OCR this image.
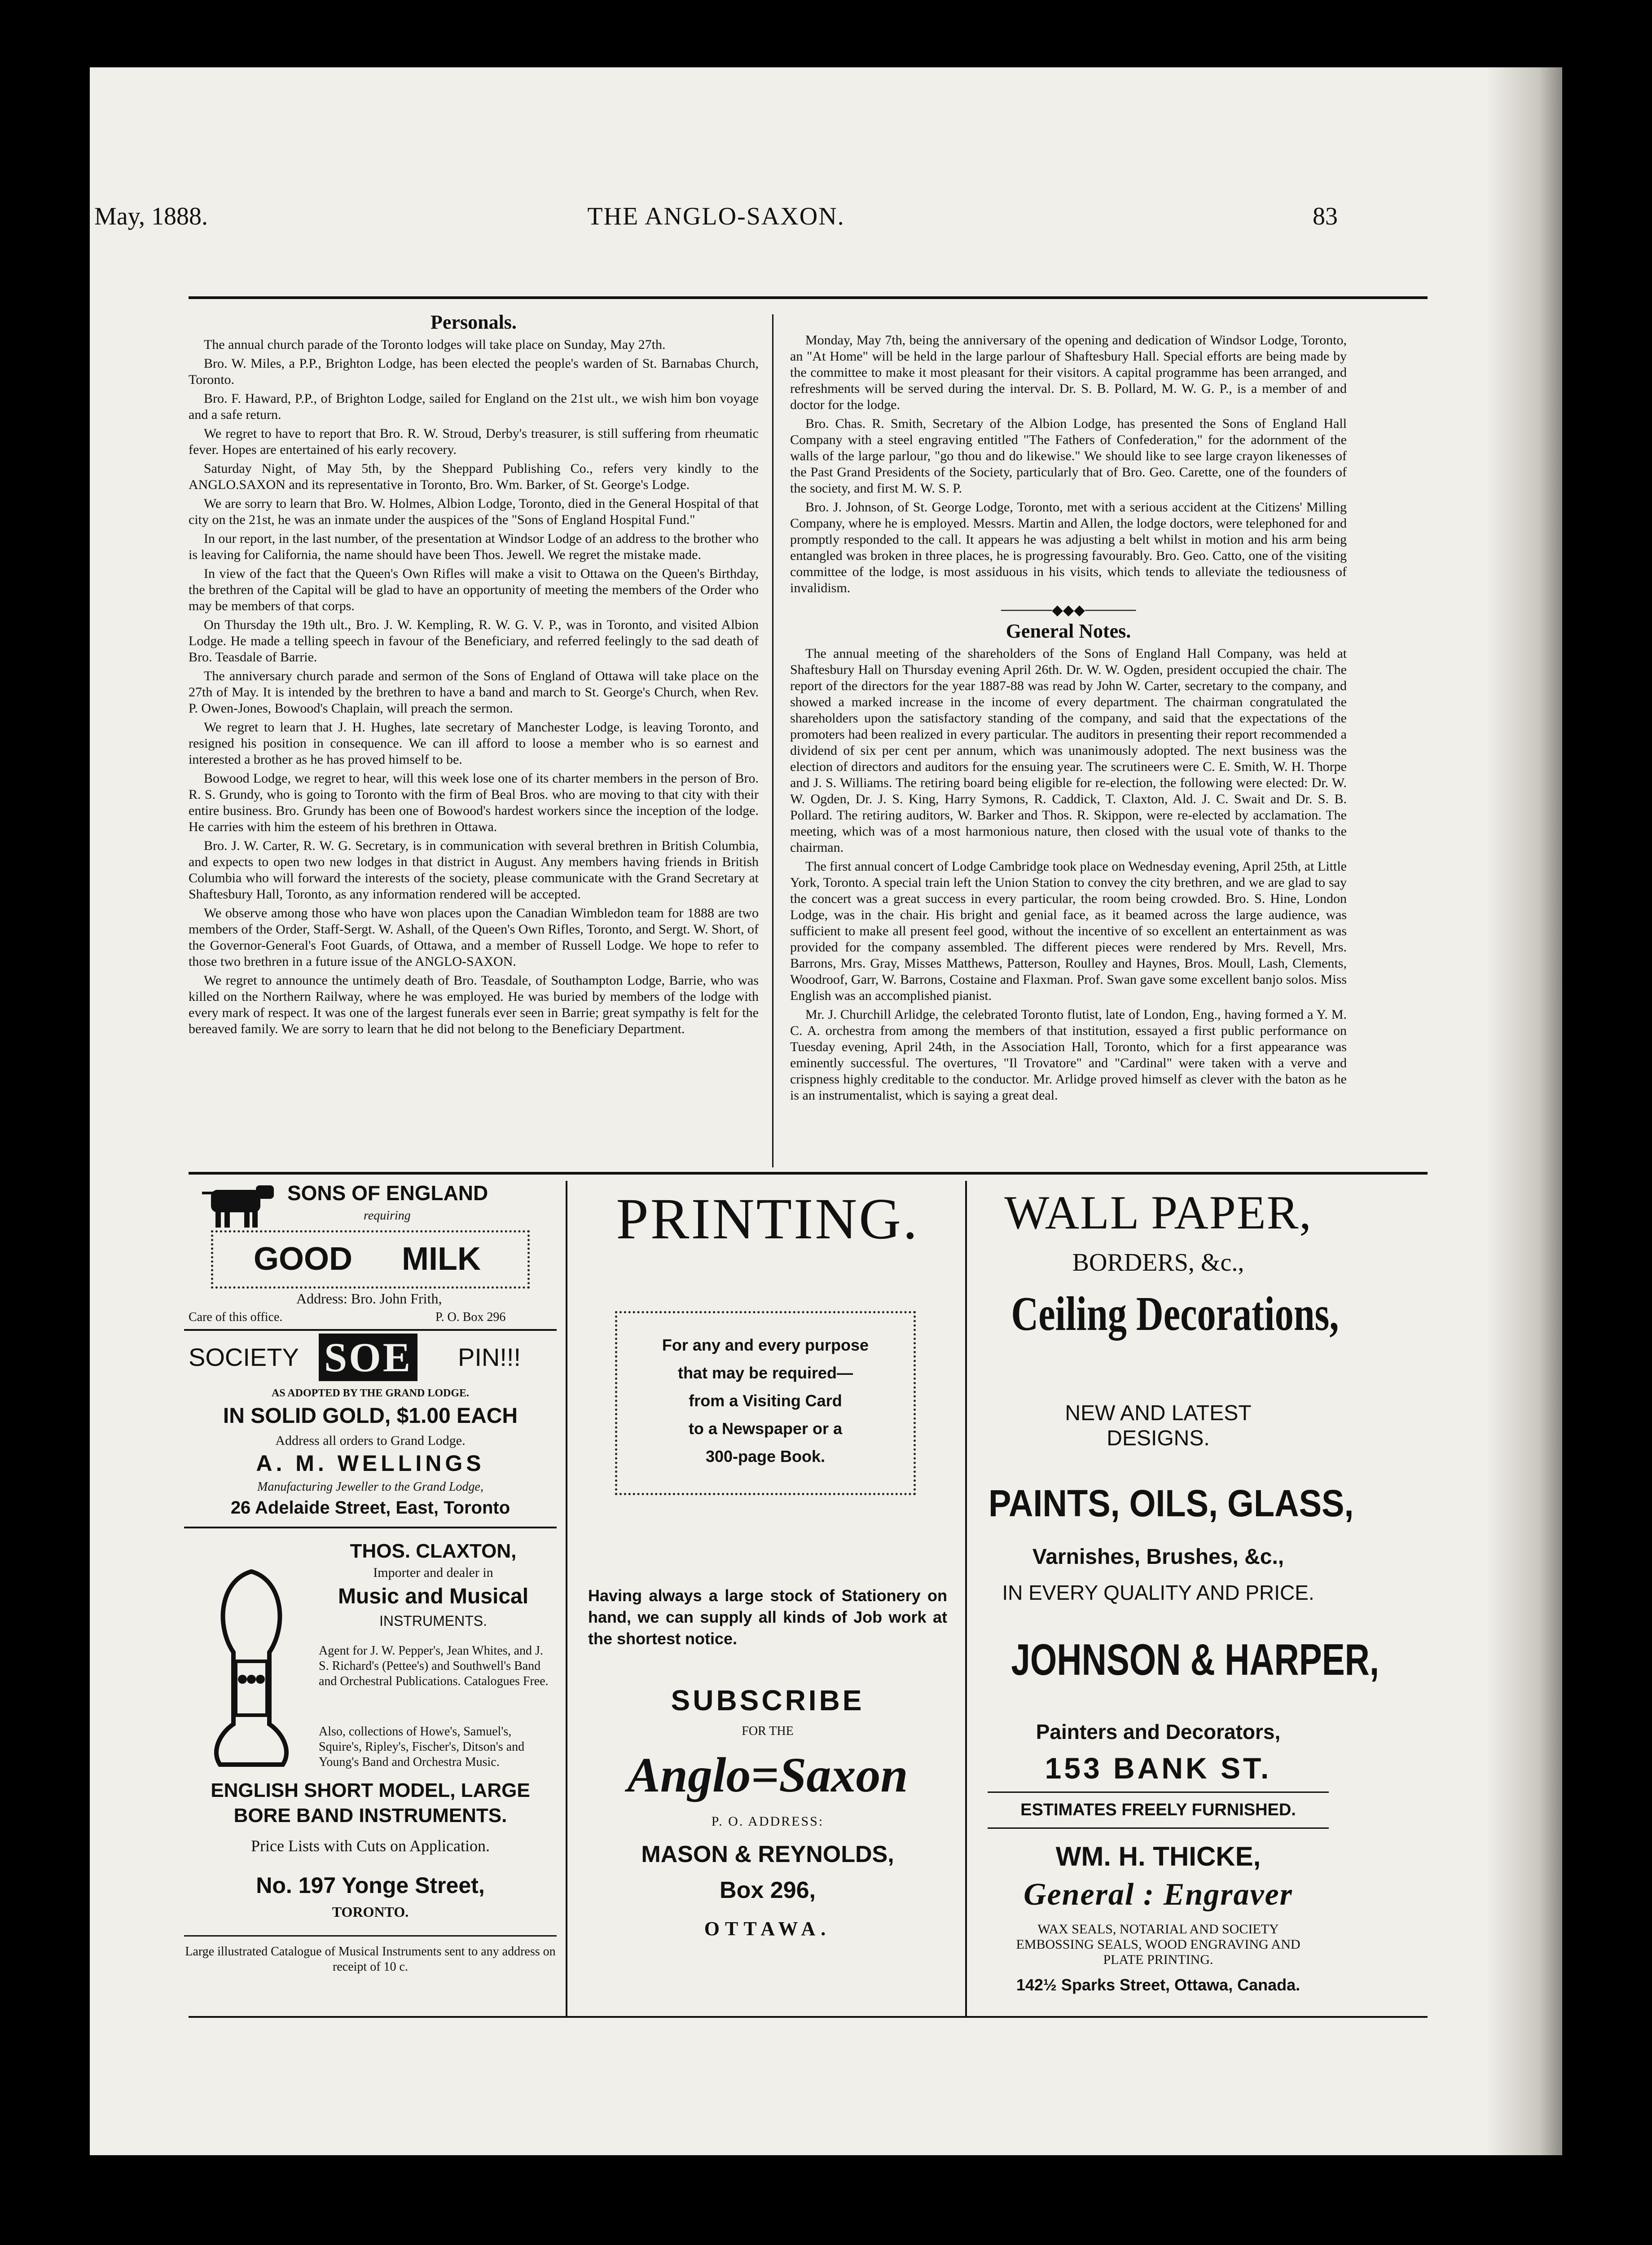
May, 1888.	THE ANGLO-SAXON.	83
Personals.

The annual church parade of the Toronto lodges will take place on Sunday, May 27th.

Bro. W. Miles, a P.P., Brighton Lodge, has been elected the people's warden of St. Barnabas Church, Toronto.

Bro. F. Haward, P.P., of Brighton Lodge, sailed for England on the 21st ult., we wish him bon voyage and a safe return.

We regret to have to report that Bro. R. W. Stroud, Derby's treasurer, is still suffering from rheumatic fever. Hopes are entertained of his early recovery.

Saturday Night, of May 5th, by the Sheppard Publishing Co., refers very kindly to the ANGLO.SAXON and its representative in Toronto, Bro. Wm. Barker, of St. George's Lodge.

We are sorry to learn that Bro. W. Holmes, Albion Lodge, Toronto, died in the General Hospital of that city on the 21st, he was an inmate under the auspices of the "Sons of England Hospital Fund."

In our report, in the last number, of the presentation at Windsor Lodge of an address to the brother who is leaving for California, the name should have been Thos. Jewell. We regret the mistake made.

In view of the fact that the Queen's Own Rifles will make a visit to Ottawa on the Queen's Birthday, the brethren of the Capital will be glad to have an opportunity of meeting the members of the Order who may be members of that corps.

On Thursday the 19th ult., Bro. J. W. Kempling, R. W. G. V. P., was in Toronto, and visited Albion Lodge. He made a telling speech in favour of the Beneficiary, and referred feelingly to the sad death of Bro. Teasdale of Barrie.

The anniversary church parade and sermon of the Sons of England of Ottawa will take place on the 27th of May. It is intended by the brethren to have a band and march to St. George's Church, when Rev. P. Owen-Jones, Bowood's Chaplain, will preach the sermon.

We regret to learn that J. H. Hughes, late secretary of Manchester Lodge, is leaving Toronto, and resigned his position in consequence. We can ill afford to loose a member who is so earnest and interested a brother as he has proved himself to be.

Bowood Lodge, we regret to hear, will this week lose one of its charter members in the person of Bro. R. S. Grundy, who is going to Toronto with the firm of Beal Bros. who are moving to that city with their entire business. Bro. Grundy has been one of Bowood's hardest workers since the inception of the lodge. He carries with him the esteem of his brethren in Ottawa.

Bro. J. W. Carter, R. W. G. Secretary, is in communication with several brethren in British Columbia, and expects to open two new lodges in that district in August. Any members having friends in British Columbia who will forward the interests of the society, please communicate with the Grand Secretary at Shaftesbury Hall, Toronto, as any information rendered will be accepted.

We observe among those who have won places upon the Canadian Wimbledon team for 1888 are two members of the Order, Staff-Sergt. W. Ashall, of the Queen's Own Rifles, Toronto, and Sergt. W. Short, of the Governor-General's Foot Guards, of Ottawa, and a member of Russell Lodge. We hope to refer to those two brethren in a future issue of the ANGLO-SAXON.

We regret to announce the untimely death of Bro. Teasdale, of Southampton Lodge, Barrie, who was killed on the Northern Railway, where he was employed. He was buried by members of the lodge with every mark of respect. It was one of the largest funerals ever seen in Barrie; great sympathy is felt for the bereaved family. We are sorry to learn that he did not belong to the Beneficiary Department.

Monday, May 7th, being the anniversary of the opening and dedication of Windsor Lodge, Toronto, an "At Home" will be held in the large parlour of Shaftesbury Hall. Special efforts are being made by the committee to make it most pleasant for their visitors. A capital programme has been arranged, and refreshments will be served during the interval. Dr. S. B. Pollard, M. W. G. P., is a member of and doctor for the lodge.

Bro. Chas. R. Smith, Secretary of the Albion Lodge, has presented the Sons of England Hall Company with a steel engraving entitled "The Fathers of Confederation," for the adornment of the walls of the large parlour, "go thou and do likewise." We should like to see large crayon likenesses of the Past Grand Presidents of the Society, particularly that of Bro. Geo. Carette, one of the founders of the society, and first M. W. S. P.

Bro. J. Johnson, of St. George Lodge, Toronto, met with a serious accident at the Citizens' Milling Company, where he is employed. Messrs. Martin and Allen, the lodge doctors, were telephoned for and promptly responded to the call. It appears he was adjusting a belt whilst in motion and his arm being entangled was broken in three places, he is progressing favourably. Bro. Geo. Catto, one of the visiting committee of the lodge, is most assiduous in his visits, which tends to alleviate the tediousness of invalidism.

─────◆◆◆─────
General Notes.

The annual meeting of the shareholders of the Sons of England Hall Company, was held at Shaftesbury Hall on Thursday evening April 26th. Dr. W. W. Ogden, president occupied the chair. The report of the directors for the year 1887-88 was read by John W. Carter, secretary to the company, and showed a marked increase in the income of every department. The chairman congratulated the shareholders upon the satisfactory standing of the company, and said that the expectations of the promoters had been realized in every particular. The auditors in presenting their report recommended a dividend of six per cent per annum, which was unanimously adopted. The next business was the election of directors and auditors for the ensuing year. The scrutineers were C. E. Smith, W. H. Thorpe and J. S. Williams. The retiring board being eligible for re-election, the following were elected: Dr. W. W. Ogden, Dr. J. S. King, Harry Symons, R. Caddick, T. Claxton, Ald. J. C. Swait and Dr. S. B. Pollard. The retiring auditors, W. Barker and Thos. R. Skippon, were re-elected by acclamation. The meeting, which was of a most harmonious nature, then closed with the usual vote of thanks to the chairman.

The first annual concert of Lodge Cambridge took place on Wednesday evening, April 25th, at Little York, Toronto. A special train left the Union Station to convey the city brethren, and we are glad to say the concert was a great success in every particular, the room being crowded. Bro. S. Hine, London Lodge, was in the chair. His bright and genial face, as it beamed across the large audience, was sufficient to make all present feel good, without the incentive of so excellent an entertainment as was provided for the company assembled. The different pieces were rendered by Mrs. Revell, Mrs. Barrons, Mrs. Gray, Misses Matthews, Patterson, Roulley and Haynes, Bros. Moull, Lash, Clements, Woodroof, Garr, W. Barrons, Costaine and Flaxman. Prof. Swan gave some excellent banjo solos. Miss English was an accomplished pianist.

Mr. J. Churchill Arlidge, the celebrated Toronto flutist, late of London, Eng., having formed a Y. M. C. A. orchestra from among the members of that institution, essayed a first public performance on Tuesday evening, April 24th, in the Association Hall, Toronto, which for a first appearance was eminently successful. The overtures, "Il Trovatore" and "Cardinal" were taken with a verve and crispness highly creditable to the conductor. Mr. Arlidge proved himself as clever with the baton as he is an instrumentalist, which is saying a great deal.

SONS OF ENGLAND
requiring
GOOD MILK
Address: Bro. John Frith,
Care of this office.	P. O. Box 296
SOCIETY SOE PIN!!!
AS ADOPTED BY THE GRAND LODGE.
IN SOLID GOLD, $1.00 EACH
Address all orders to Grand Lodge.
A. M. WELLINGS
Manufacturing Jeweller to the Grand Lodge,
26 Adelaide Street, East, Toronto
THOS. CLAXTON,
Importer and dealer in
Music and Musical
INSTRUMENTS.
Agent for J. W. Pepper's, Jean Whites, and J. S. Richard's (Pettee's) and Southwell's Band and Orchestral Publications. Catalogues Free.
Also, collections of Howe's, Samuel's, Squire's, Ripley's, Fischer's, Ditson's and Young's Band and Orchestra Music.
ENGLISH SHORT MODEL, LARGE BORE BAND INSTRUMENTS.
Price Lists with Cuts on Application.
No. 197 Yonge Street,
TORONTO.
Large illustrated Catalogue of Musical Instruments sent to any address on receipt of 10 c.
PRINTING.
For any and every purpose
that may be required—
from a Visiting Card
to a Newspaper or a
300-page Book.
Having always a large stock of Stationery on hand, we can supply all kinds of Job work at the shortest notice.
SUBSCRIBE
FOR THE
Anglo=Saxon
P. O. ADDRESS:
MASON & REYNOLDS,
Box 296,
OTTAWA.
WALL PAPER,
BORDERS, &c.,
Ceiling Decorations,
NEW AND LATEST DESIGNS.
PAINTS, OILS, GLASS,
Varnishes, Brushes, &c.,
IN EVERY QUALITY AND PRICE.
JOHNSON & HARPER,
Painters and Decorators,
153 BANK ST.
ESTIMATES FREELY FURNISHED.
WM. H. THICKE,
General : Engraver
WAX SEALS, NOTARIAL AND SOCIETY EMBOSSING SEALS, WOOD ENGRAVING AND PLATE PRINTING.
142½ Sparks Street, Ottawa, Canada.
